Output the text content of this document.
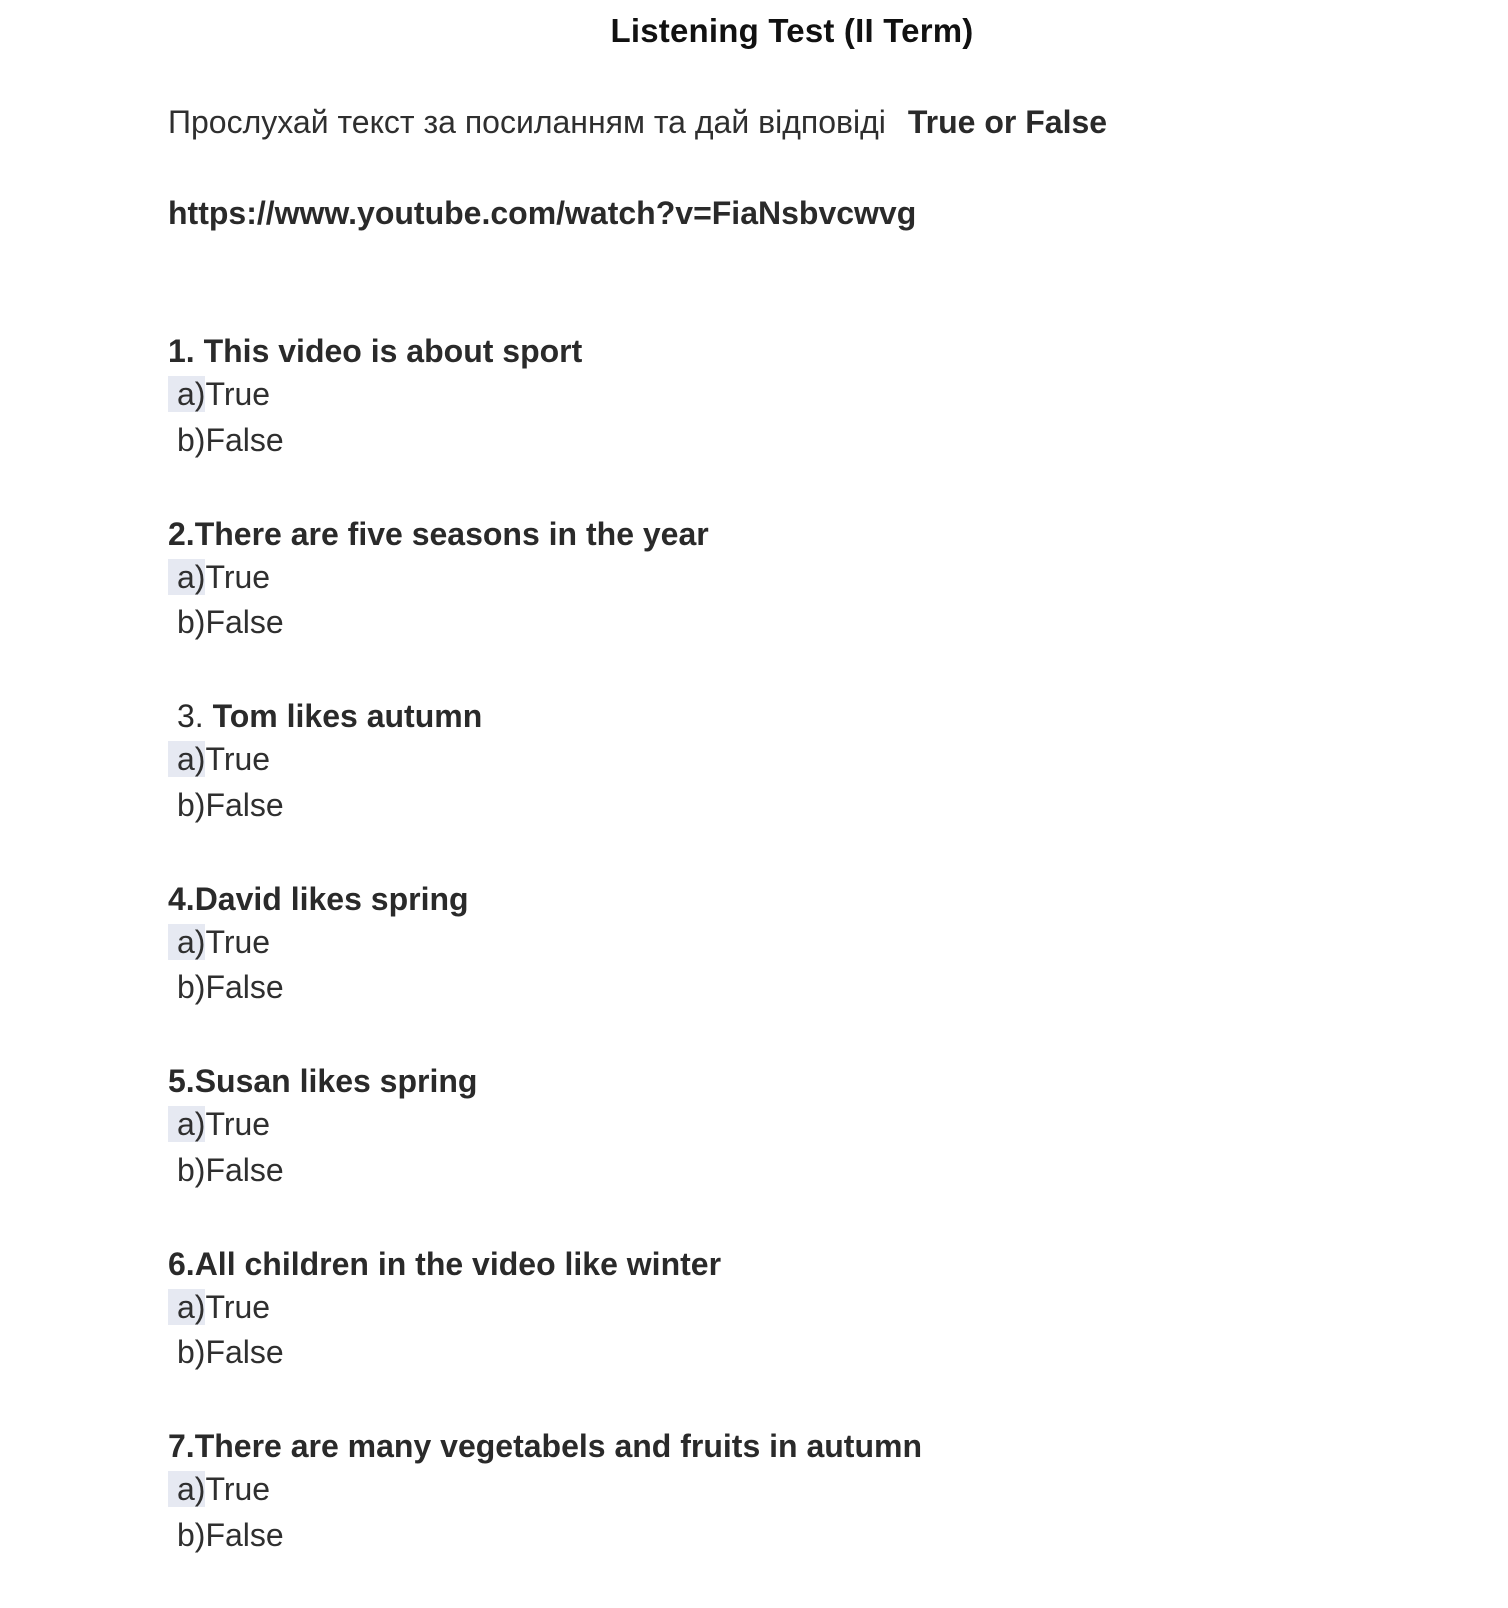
Listening Test (II Term)
Прослухай текст за посиланням та дай відповіді True or False
https://www.youtube.com/watch?v=FiaNsbvcwvg
1. This video is about sport
a)True
b)False
2.There are five seasons in the year
a)True
b)False
3. Tom likes autumn
a)True
b)False
4.David likes spring
a)True
b)False
5.Susan likes spring
a)True
b)False
6.All children in the video like winter
a)True
b)False
7.There are many vegetabels and fruits in autumn
a)True
b)False
